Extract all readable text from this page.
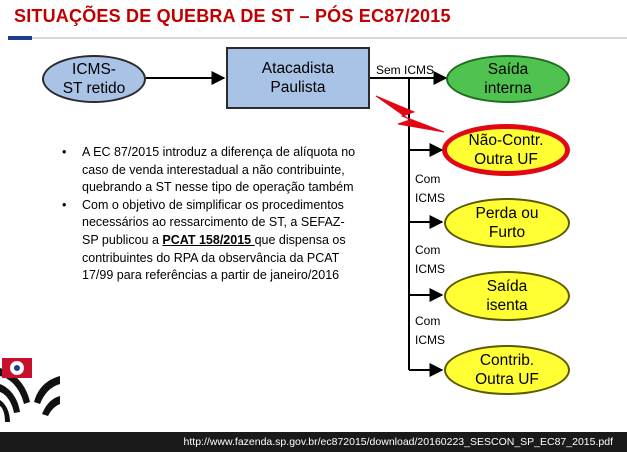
SITUAÇÕES DE QUEBRA DE ST – PÓS EC87/2015
ICMS-
ST retido
Atacadista
Paulista
Sem ICMS	Saída
interna
Não-Contr.
Outra UF
Perda ou
Furto
Saída
isenta
Contrib.
Outra UF
Com
ICMS
Com
ICMS
Com
ICMS
• A EC 87/2015 introduz a diferença de alíquota no caso de venda interestadual a não contribuinte, quebrando a ST nesse tipo de operação também
• Com o objetivo de simplificar os procedimentos necessários ao ressarcimento de ST, a SEFAZ-SP publicou a PCAT 158/2015 que dispensa os contribuintes do RPA da observância da PCAT 17/99 para referências a partir de janeiro/2016
http://www.fazenda.sp.gov.br/ec872015/download/20160223_SESCON_SP_EC87_2015.pdf
